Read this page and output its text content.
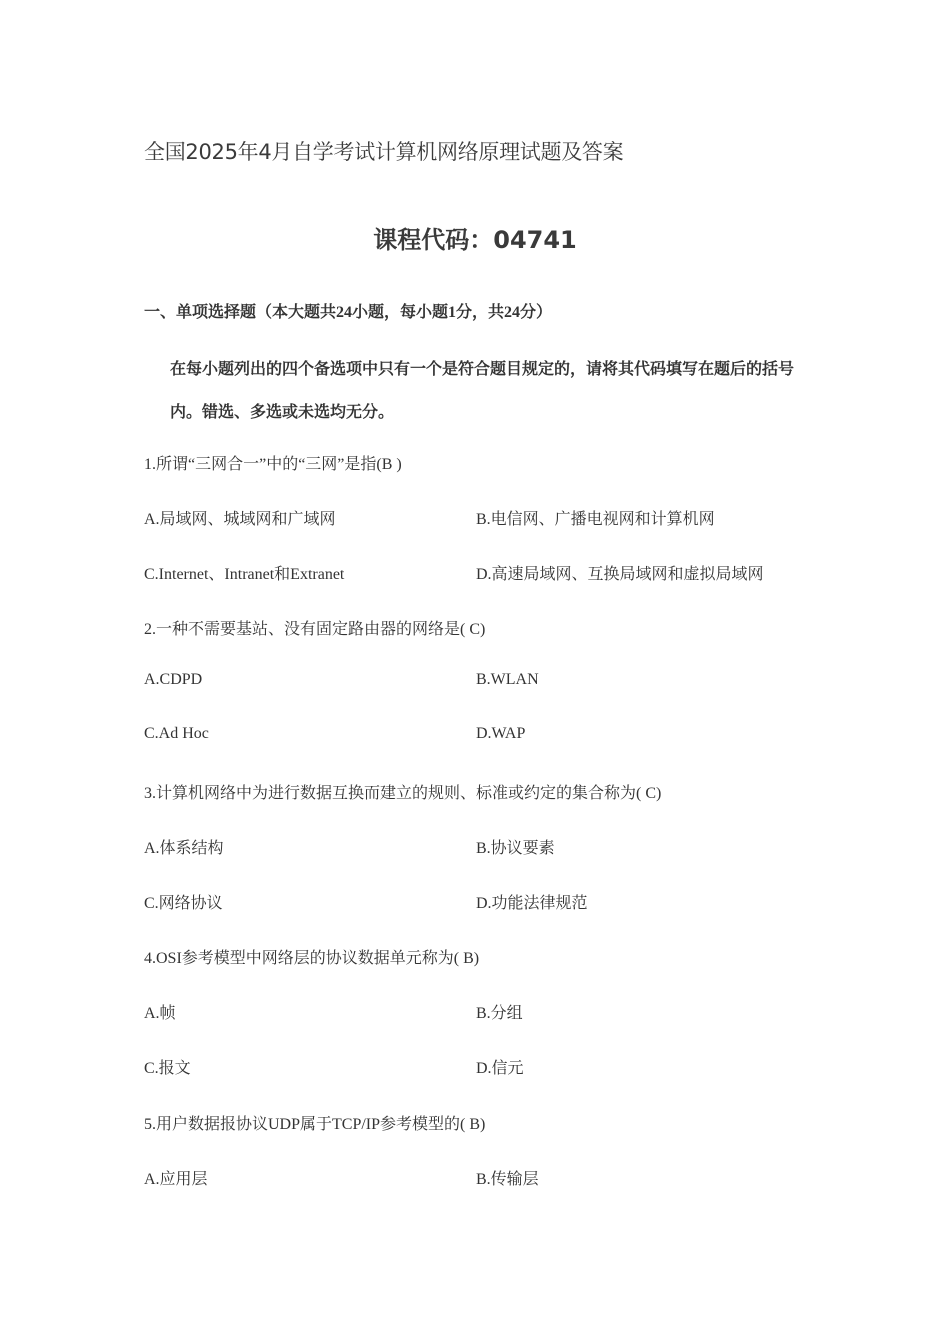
全国2025年4月自学考试计算机网络原理试题及答案
课程代码：04741
一、单项选择题（本大题共24小题，每小题1分，共24分）
在每小题列出的四个备选项中只有一个是符合题目规定的，请将其代码填写在题后的括号内。错选、多选或未选均无分。
1.所谓“三网合一”中的“三网”是指(B )
A.局域网、城域网和广域网	B.电信网、广播电视网和计算机网
C.Internet、Intranet和Extranet	D.高速局域网、互换局域网和虚拟局域网
2.一种不需要基站、没有固定路由器的网络是( C)
A.CDPD	B.WLAN
C.Ad Hoc	D.WAP
3.计算机网络中为进行数据互换而建立的规则、标准或约定的集合称为( C)
A.体系结构	B.协议要素
C.网络协议	D.功能法律规范
4.OSI参考模型中网络层的协议数据单元称为( B)
A.帧	B.分组
C.报文	D.信元
5.用户数据报协议UDP属于TCP/IP参考模型的( B)
A.应用层	B.传输层
